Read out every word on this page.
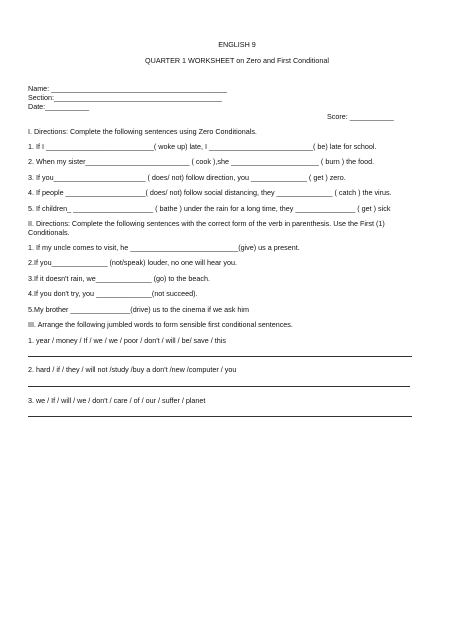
ENGLISH 9
QUARTER 1 WORKSHEET on Zero and First Conditional
Name: ____________________________________________
Section:__________________________________________
Date:___________
Score: ___________
I. Directions: Complete the following sentences using Zero Conditionals.
1. If I ___________________________( woke up) late, I __________________________( be) late for school.
2. When my sister__________________________ ( cook ),she ______________________ ( burn ) the food.
3. If you_______________________ ( does/ not) follow direction, you ______________ ( get ) zero.
4. If people ____________________( does/ not) follow social distancing, they ______________ ( catch ) the virus.
5. If children_ ____________________ ( bathe ) under the rain for a long time, they _______________ ( get ) sick
II. Directions: Complete the following sentences with the correct form of the verb in parenthesis. Use the First (1)
Conditionals.
1. If my uncle comes to visit, he ___________________________(give) us a present.
2.If you______________ (not/speak) louder, no one will hear you.
3.If it doesn't rain, we______________ (go) to the beach.
4.If you don't try, you ______________(not succeed).
5.My brother _______________(drive) us to the cinema if we ask him
III. Arrange the following jumbled words to form sensible first conditional sentences.
1. year / money / If / we / we / poor / don't / will / be/ save / this
2. hard / if / they / will not /study /buy a don't /new /computer / you
3. we / If / will / we / don't / care / of / our / suffer / planet
